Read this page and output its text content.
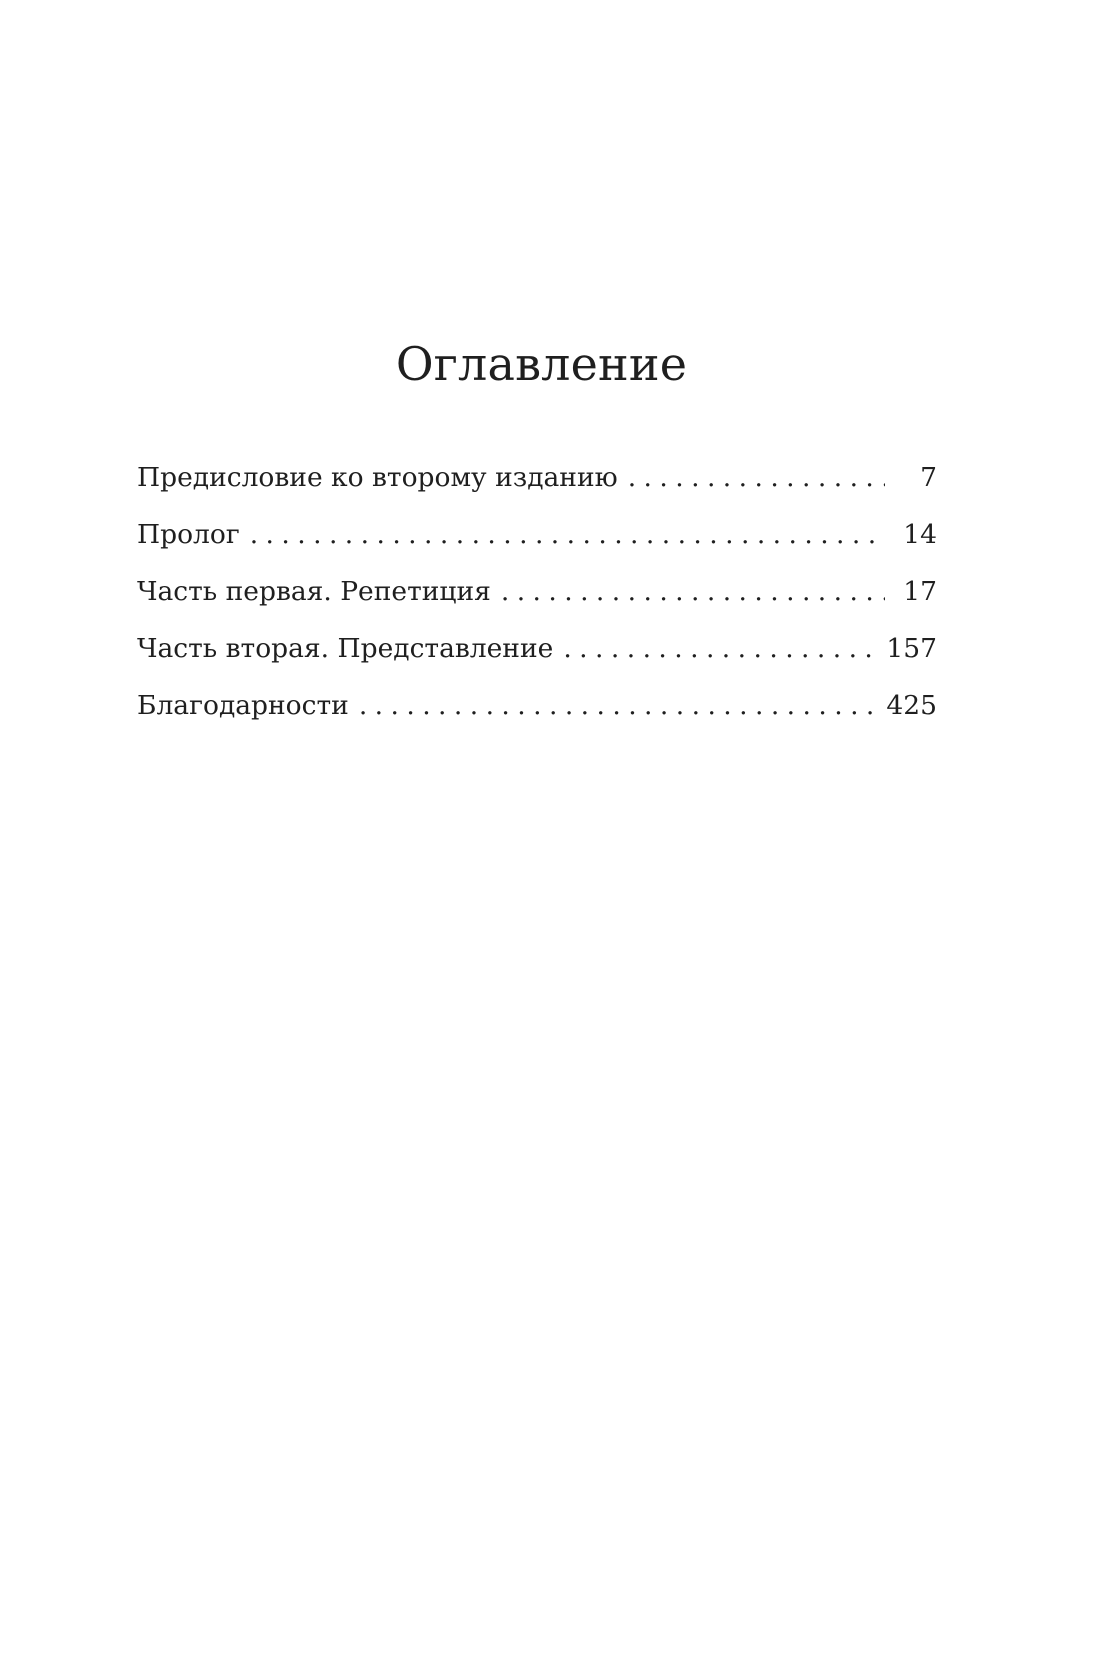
Оглавление
Предисловие ко второму изданию . . .	7
Пролог . . .	14
Часть первая. Репетиция . . .	17
Часть вторая. Представление . . .	157
Благодарности . . .	425
